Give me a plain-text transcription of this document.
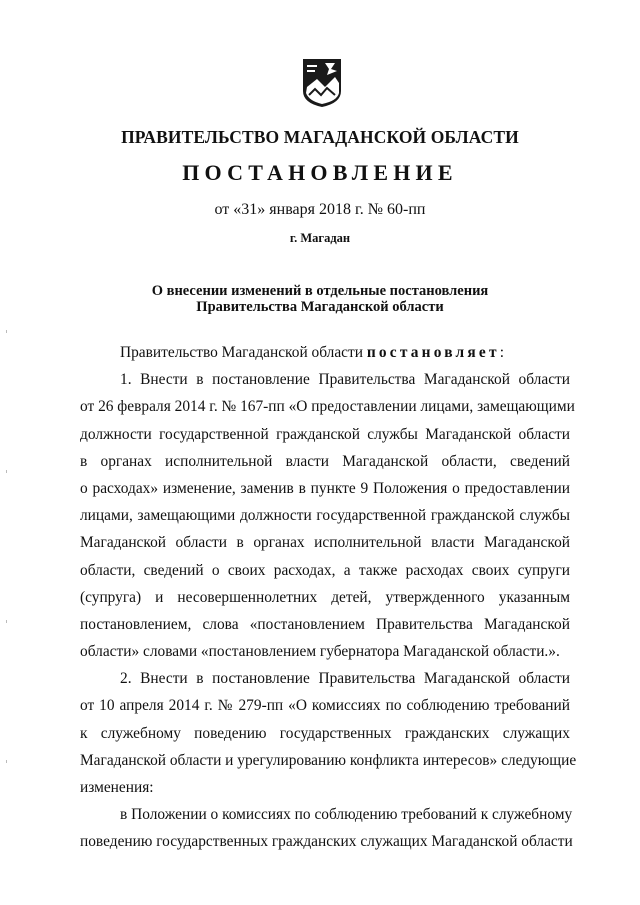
ПРАВИТЕЛЬСТВО МАГАДАНСКОЙ ОБЛАСТИ
ПОСТАНОВЛЕНИЕ
от «31» января 2018 г. № 60-пп
г. Магадан
О внесении изменений в отдельные постановления
Правительства Магаданской области
Правительство Магаданской области постановляет:
1. Внести в постановление Правительства Магаданской области
от 26 февраля 2014 г. № 167-пп «О предоставлении лицами, замещающими
должности государственной гражданской службы Магаданской области
в органах исполнительной власти Магаданской области, сведений
о расходах» изменение, заменив в пункте 9 Положения о предоставлении
лицами, замещающими должности государственной гражданской службы
Магаданской области в органах исполнительной власти Магаданской
области, сведений о своих расходах, а также расходах своих супруги
(супруга) и несовершеннолетних детей, утвержденного указанным
постановлением, слова «постановлением Правительства Магаданской
области» словами «постановлением губернатора Магаданской области.».
2. Внести в постановление Правительства Магаданской области
от 10 апреля 2014 г. № 279-пп «О комиссиях по соблюдению требований
к служебному поведению государственных гражданских служащих
Магаданской области и урегулированию конфликта интересов» следующие
изменения:
в Положении о комиссиях по соблюдению требований к служебному
поведению государственных гражданских служащих Магаданской области
